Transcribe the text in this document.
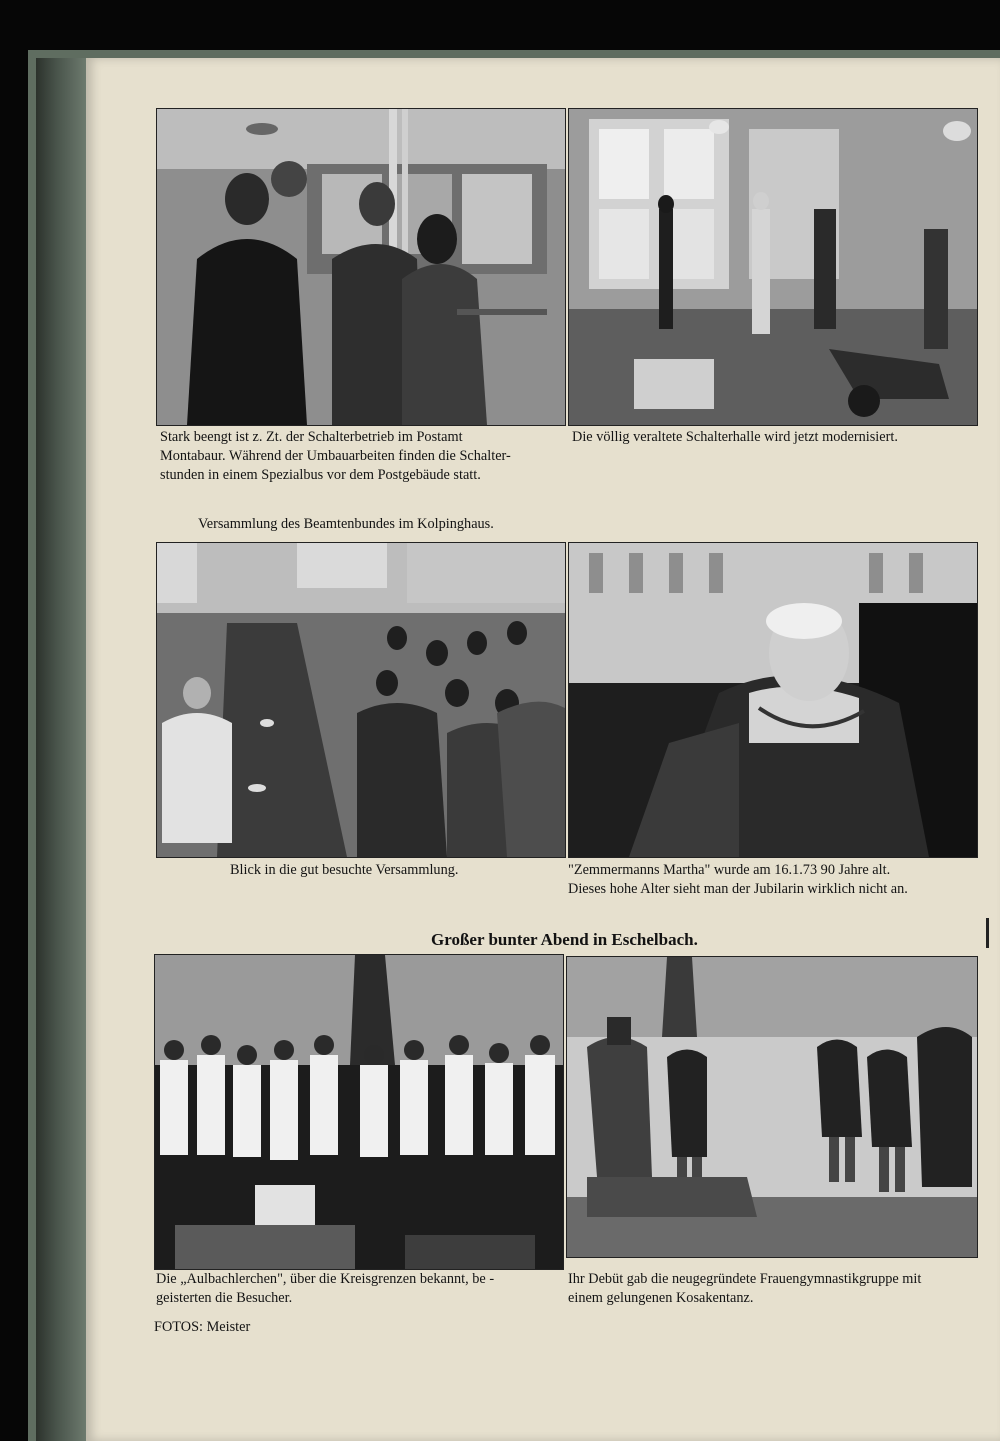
Stark beengt ist z. Zt. der Schalterbetrieb im Postamt
Montabaur. Während der Umbauarbeiten finden die Schalter-
stunden in einem Spezialbus vor dem Postgebäude statt.
Die völlig veraltete Schalterhalle wird jetzt modernisiert.
Versammlung des Beamtenbundes im Kolpinghaus.
Blick in die gut besuchte Versammlung.	"Zemmermanns Martha" wurde am 16.1.73 90 Jahre alt.
Dieses hohe Alter sieht man der Jubilarin wirklich nicht an.
Großer bunter Abend in Eschelbach.
Die „Aulbachlerchen", über die Kreisgrenzen bekannt, be -
geisterten die Besucher.
Ihr Debüt gab die neugegründete Frauengymnastikgruppe mit
einem gelungenen Kosakentanz.
FOTOS: Meister
